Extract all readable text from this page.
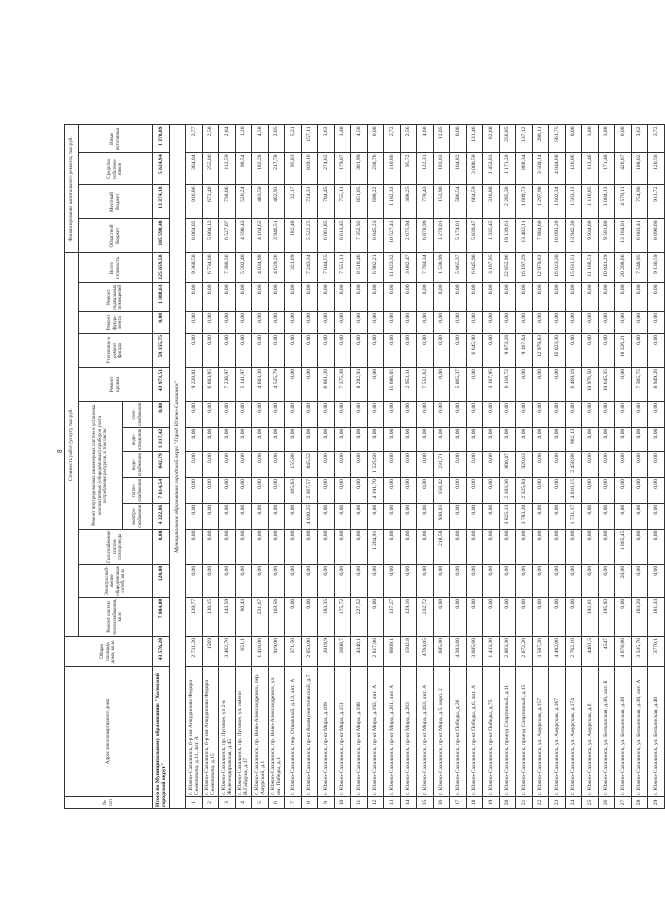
8
№ п/п	Адрес многоквартирного дома	Общая площадь дома, кв.м.	Стоимость работ (услуг), тыс.руб.													Финансирование капитального ремонта, тыс.руб.			
			Ремонт систем теплоснабжения, кв.м	Электроснаб- жение общедомовых сетей, кв.м	Газоснабжение систем газопровода	Ремонт внутридомовых инженерных систем и установка коллективных (общедомовых) приборов учета потребления ресурсов, в том числе:					Ремонт кровли	Утепление и ремонт фасада	Ремонт фунда- мента	Ремонт подвальных помещений	Всего стоимость	Областной бюджет	Местный бюджет	Средства собствен- ников	Иные источники
						электро- снабжения	тепло- снабжения	водо- снабжения	водо- отведения	газо- снабжения									
Итого по Муниципальному образованию "Холмский городской округ"		43 576,20	7 804,08	120,00	0,00	4 322,86	7 614,54	842,79	1 317,42	0,00	43 973,51	59 155,75	0,00	1 308,63	125 659,58	105 598,48	13 374,18	5 624,94	1 370,89
Муниципальное образование городской округ "Город Южно-Сахалинск"																			
1	г. Южно-Сахалинск, б-р им Анкудинова Федора Семеновича, д.11, лит. А	2 711,20	139,77	0,00	0,00	0,00	0,00	0,00	0,00	0,00	9 228,81	0,00	0,00	0,00	9 368,58	8 064,02	916,86	364,04	2,77
2	г. Южно-Сахалинск, б-р им Анкудинова Федора Семеновича, д.15	1569	130,15	0,00	0,00	0,00	0,00	0,00	0,00	0,00	6 603,85	0,00	0,00	0,00	6 734,00	5 804,12	672,40	255,00	2,58
3	г. Южно-Сахалинск, пр. Луговое, ул 2-я Железнодорожная, д.45	3 462,70	143,59	0,00	0,00	0,00	0,00	0,00	0,00	0,00	7 236,97	0,00	0,00	0,00	7 380,56	6 527,07	738,06	112,59	2,84
4	г. Южно-Сахалинск, пр. Луговое, ул. имени В.Гайдука, д.37	651,1	60,43	0,00	0,00	0,00	0,00	0,00	0,00	0,00	5 141,97	0,00	0,00	0,00	5 202,40	4 590,43	520,24	90,54	1,20
5	г. Южно-Сахалинск, пр. Ново-Александровск, пер. Амурский, д.1	1 418,00	231,67	0,00	0,00	0,00	0,00	0,00	0,00	0,00	4 603,30	0,00	0,00	0,00	4 834,98	4 164,62	483,50	182,28	4,58
6	г. Южно-Сахалинск, пр. Ново-Александровск, ул. им. Победы, д.1	919,00	103,56	0,00	0,00	0,00	0,00	0,00	0,00	0,00	4 525,79	0,00	0,00	0,00	4 629,26	3 946,51	462,93	217,78	2,05
7	г. Южно-Сахалинск, пер. Отважный, д.13, лит. А	371,50	0,00	0,00	0,00	0,00	165,83	155,86	0,00	0,00	0,00	0,00	0,00	0,00	321,69	182,48	32,17	95,83	5,21
8	г. Южно-Сахалинск, пр-кт Коммунистический, д.7	2 053,00	0,00	0,00	0,00	4 030,25	2 367,57	845,52	0,00	0,00	0,00	0,00	0,00	0,00	7 243,34	5 522,25	724,31	839,16	157,11
9	г. Южно-Сахалинск, пр-кт Мира, д.109	2019,9	183,35	0,00	0,00	0,00	0,00	0,00	0,00	0,00	6 861,20	0,00	0,00	0,00	7 044,55	6 061,85	704,45	274,62	3,63
10	г. Южно-Сахалинск, пр-кт Мира, д.151	2608,7	175,72	0,00	0,00	0,00	0,00	0,00	0,00	0,00	7 375,38	0,00	0,00	0,00	7 551,11	6 613,45	755,11	179,07	3,48
11	г. Южно-Сахалинск, пр-кт Мира, д.198	4340,1	227,52	0,00	0,00	0,00	0,00	0,00	0,00	0,00	8 282,93	0,00	0,00	0,00	8 510,46	7 352,92	851,05	301,99	4,50
12	г. Южно-Сахалинск, пр-кт Мира, д.192, лит. А	2 817,00	0,00	0,00	1 264,91	0,00	4 191,70	1 525,60	0,00	0,00	0,00	0,00	0,00	0,00	6 982,21	6 045,23	698,22	238,76	0,00
13	г. Южно-Сахалинск, пр-кт Мира, д.261, лит. А	6609,1	137,27	0,00	0,00	0,00	0,00	0,00	0,00	0,00	11 686,05	0,00	0,00	0,00	11 823,32	10 527,41	1 182,33	110,86	2,72
14	г. Южно-Сахалинск, пр-кт Мира, д.263	1502,8	129,16	0,00	0,00	0,00	0,00	0,00	0,00	0,00	2 953,31	0,00	0,00	0,00	3 082,47	2 675,94	308,25	95,72	2,56
15	г. Южно-Сахалинск, пр-кт Мира, д.263, лит. А	4764,65	232,72	0,00	0,00	0,00	0,00	0,00	0,00	0,00	7 551,62	0,00	0,00	0,00	7 784,34	6 878,99	778,43	122,31	4,60
16	г. Южно-Сахалинск, пр-кт Мира, д.5, корп. 2	685,00	0,00	0,00	218,58	930,03	158,42	231,71	0,00	0,00	0,00	0,00	0,00	0,00	1 538,99	1 270,01	153,90	103,03	12,05
17	г. Южно-Сахалинск, пр-кт Победы, д.26	4 383,60	0,00	0,00	0,00	0,00	0,00	0,00	0,00	0,00	5 865,37	0,00	0,00	0,00	5 865,37	5 174,01	586,54	104,82	0,00
18	г. Южно-Сахалинск, пр-кт Победы, д.6, лит. А	3 605,60	0,00	0,00	0,00	0,00	0,00	0,00	0,00	0,00	0,00	6 645,90	0,00	0,00	6 645,90	5 839,47	664,59	3 008,58	131,46
19	г. Южно-Сахалинск, пр-кт Победы, д.75	1 433,30	0,00	0,00	0,00	0,00	0,00	0,00	0,00	0,00	3 167,95	0,00	0,00	0,00	3 167,95	1 335,45	316,80	1 453,03	62,68
20	г. Южно-Сахалинск, проезд Спортивный, д.11	2 063,30	0,00	0,00	0,00	3 825,13	2 183,36	800,47	0,00	0,00	6 118,72	9 873,28	0,00	0,00	22 852,96	19 139,61	2 285,30	1 171,20	256,85
21	г. Южно-Сахалинск, проезд Спортивный, д.15	2 072,20	0,00	0,00	0,00	3 783,20	2 325,84	920,63	0,00	0,00	0,00	9 167,64	0,00	0,00	16 197,29	13 482,11	1 609,73	868,34	137,12
22	г. Южно-Сахалинск, ул. Амурская, д.157	3 587,20	0,00	0,00	0,00	0,00	0,00	0,00	0,00	0,00	0,00	12 979,83	0,00	0,00	12 979,83	7 884,60	1 297,98	3 509,14	288,11
23	г. Южно-Сахалинск, ул. Амурская, д.167	4 482,00	0,00	0,00	0,00	0,00	0,00	0,00	0,00	0,00	0,00	16 023,30	0,00	0,00	16 023,30	10 093,20	1 602,34	4 044,68	561,75
24	г. Южно-Сахалинск, ул. Амурская, д.174	2 762,10	0,00	0,00	0,00	1 731,17	4 010,15	2 458,88	982,13	0,00	6 469,19	0,00	0,00	0,00	15 631,51	13 942,30	1 563,13	126,06	0,00
25	г. Южно-Сахалинск, ул. Амурская, д.6	4401,5	192,01	0,00	0,00	0,00	0,00	0,00	0,00	0,00	10 976,50	0,00	0,00	0,00	11 168,51	9 934,60	1 116,85	113,46	3,80
26	г. Южно-Сахалинск, ул. Бельинская, д.36, лит. Б	4547	195,93	0,00	0,00	0,00	0,00	0,00	0,00	0,00	10 645,35	0,00	0,00	0,00	10 841,29	9 581,80	1 084,13	171,48	3,88
27	г. Южно-Сахалинск, ул. Бельинская, д.38	4 078,80	0,00	20,00	1 865,45	0,00	0,00	0,00	0,00	0,00	0,00	18 326,21	0,00	0,00	20 208,66	13 184,01	4 579,11	426,67	0,00
28	г. Южно-Сахалинск, ул. Бельинская, д.38, лит. А	3 335,70	183,20	0,00	0,00	0,00	0,00	0,00	0,00	0,00	7 365,75	0,00	0,00	0,00	7 548,95	6 603,41	754,90	188,02	3,62
29	г. Южно-Сахалинск, ул. Бельинская, д.40	3770,1	181,33	0,00	0,00	0,00	0,00	0,00	0,00	0,00	8 949,26	0,00	0,00	0,00	9 130,59	8 090,60	913,72	120,56	3,72
